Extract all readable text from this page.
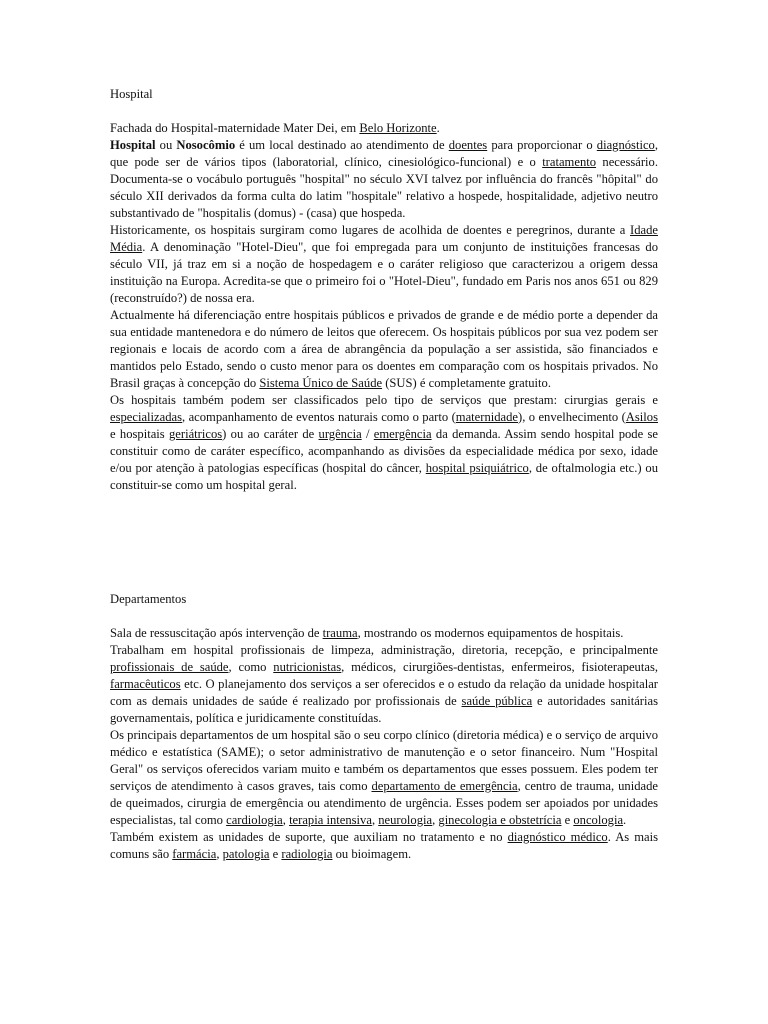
Hospital

Fachada do Hospital-maternidade Mater Dei, em Belo Horizonte.

Hospital ou Nosocômio é um local destinado ao atendimento de doentes para proporcionar o diagnóstico, que pode ser de vários tipos (laboratorial, clínico, cinesiológico-funcional) e o tratamento necessário. Documenta-se o vocábulo português "hospital" no século XVI talvez por influência do francês "hôpital" do século XII derivados da forma culta do latim "hospitale" relativo a hospede, hospitalidade, adjetivo neutro substantivado de "hospitalis (domus) - (casa) que hospeda.

Historicamente, os hospitais surgiram como lugares de acolhida de doentes e peregrinos, durante a Idade Média. A denominação "Hotel-Dieu", que foi empregada para um conjunto de instituições francesas do século VII, já traz em si a noção de hospedagem e o caráter religioso que caracterizou a origem dessa instituição na Europa. Acredita-se que o primeiro foi o "Hotel-Dieu", fundado em Paris nos anos 651 ou 829 (reconstruído?) de nossa era.

Actualmente há diferenciação entre hospitais públicos e privados de grande e de médio porte a depender da sua entidade mantenedora e do número de leitos que oferecem. Os hospitais públicos por sua vez podem ser regionais e locais de acordo com a área de abrangência da população a ser assistida, são financiados e mantidos pelo Estado, sendo o custo menor para os doentes em comparação com os hospitais privados. No Brasil graças à concepção do Sistema Único de Saúde (SUS) é completamente gratuito.

Os hospitais também podem ser classificados pelo tipo de serviços que prestam: cirurgias gerais e especializadas, acompanhamento de eventos naturais como o parto (maternidade), o envelhecimento (Asilos e hospitais geriátricos) ou ao caráter de urgência / emergência da demanda. Assim sendo hospital pode se constituir como de caráter específico, acompanhando as divisões da especialidade médica por sexo, idade e/ou por atenção à patologias específicas (hospital do câncer, hospital psiquiátrico, de oftalmologia etc.) ou constituir-se como um hospital geral.

Departamentos

Sala de ressuscitação após intervenção de trauma, mostrando os modernos equipamentos de hospitais.

Trabalham em hospital profissionais de limpeza, administração, diretoria, recepção, e principalmente profissionais de saúde, como nutricionistas, médicos, cirurgiões-dentistas, enfermeiros, fisioterapeutas, farmacêuticos etc. O planejamento dos serviços a ser oferecidos e o estudo da relação da unidade hospitalar com as demais unidades de saúde é realizado por profissionais de saúde pública e autoridades sanitárias governamentais, política e juridicamente constituídas.

Os principais departamentos de um hospital são o seu corpo clínico (diretoria médica) e o serviço de arquivo médico e estatística (SAME); o setor administrativo de manutenção e o setor financeiro. Num "Hospital Geral" os serviços oferecidos variam muito e também os departamentos que esses possuem. Eles podem ter serviços de atendimento à casos graves, tais como departamento de emergência, centro de trauma, unidade de queimados, cirurgia de emergência ou atendimento de urgência. Esses podem ser apoiados por unidades especialistas, tal como cardiologia, terapia intensiva, neurologia, ginecologia e obstetrícia e oncologia.

Também existem as unidades de suporte, que auxiliam no tratamento e no diagnóstico médico. As mais comuns são farmácia, patologia e radiologia ou bioimagem.
